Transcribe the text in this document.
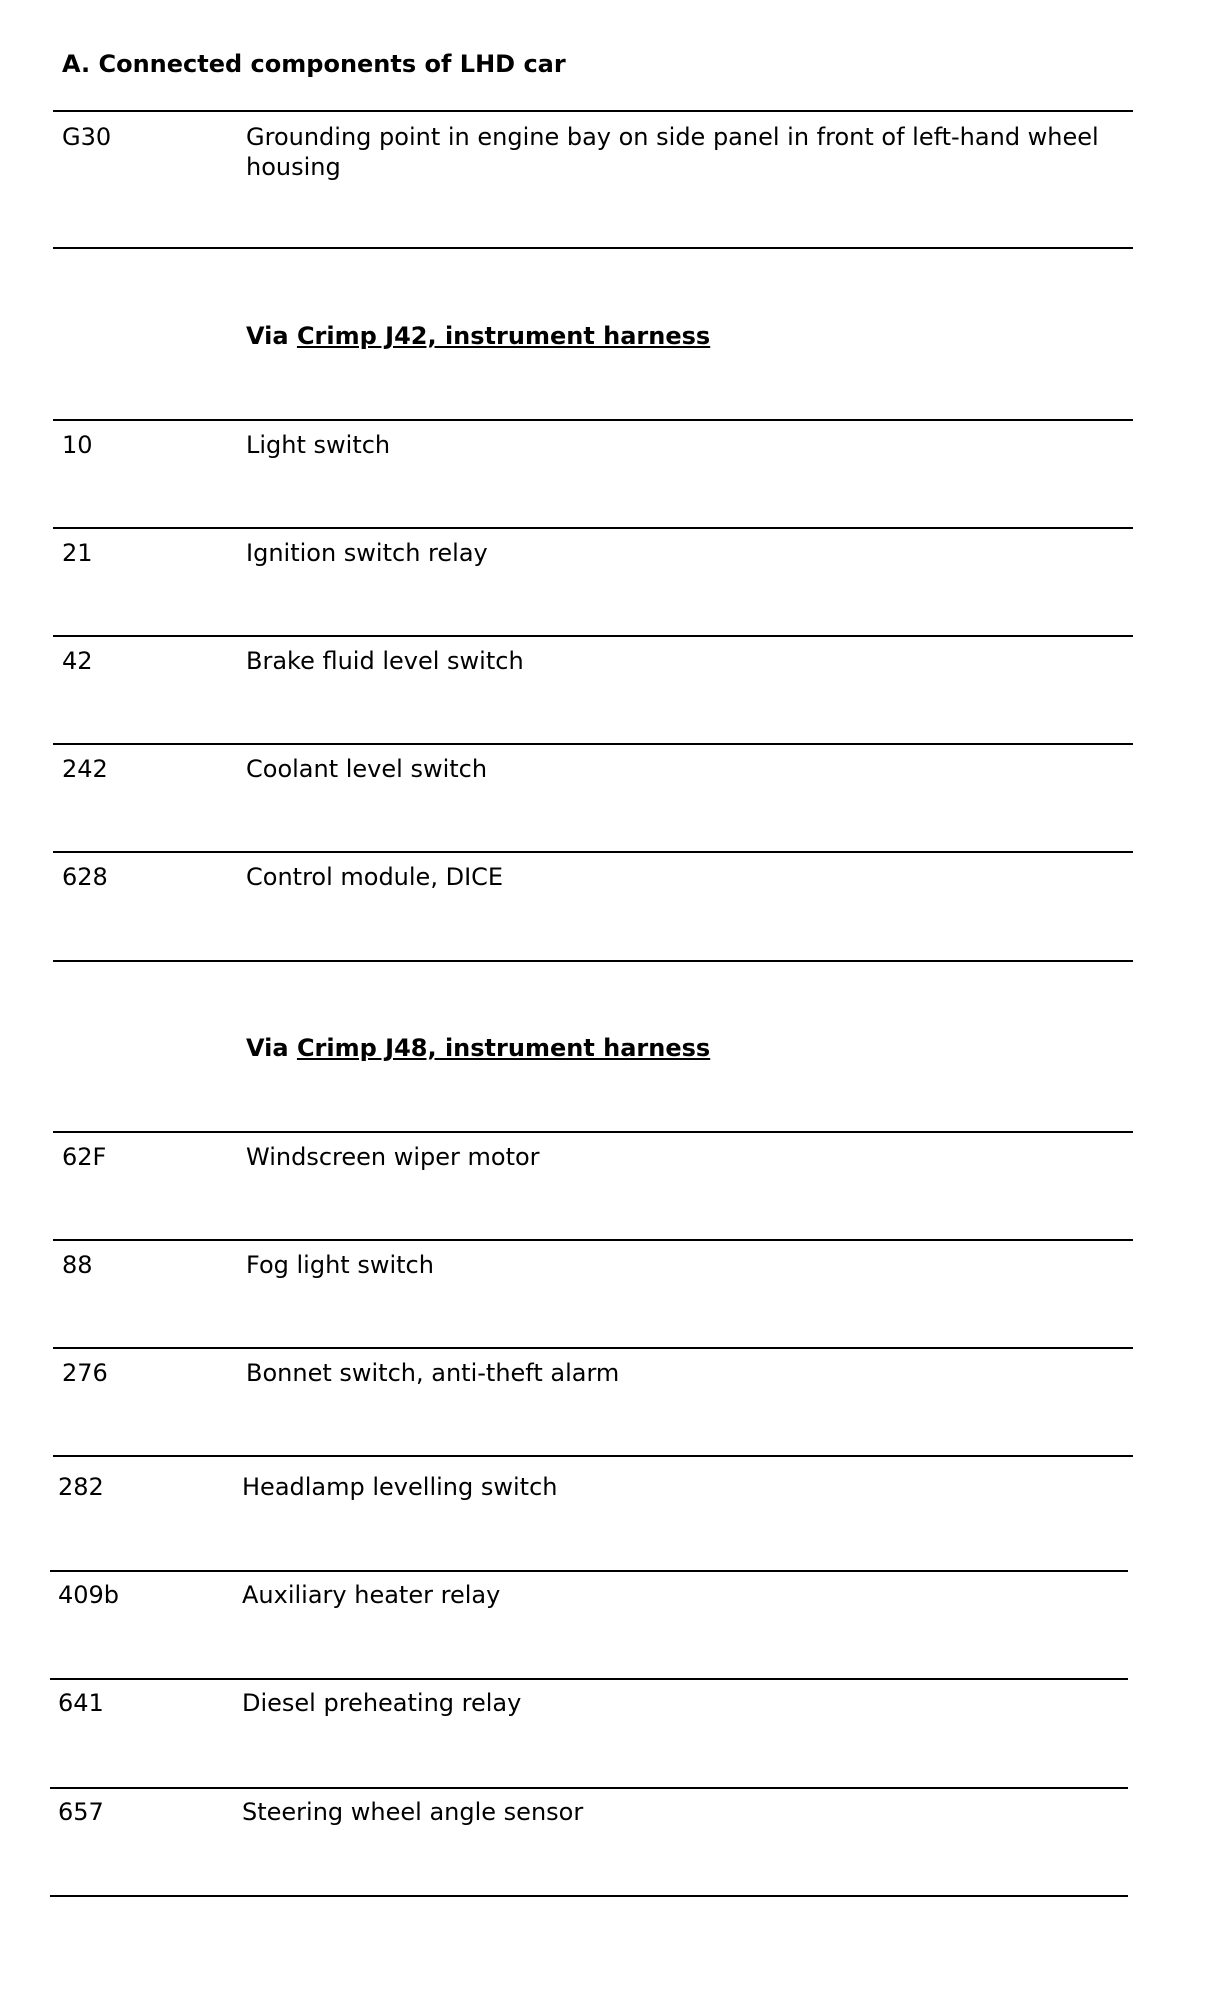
A. Connected components of LHD car
G30	Grounding point in engine bay on side panel in front of left-hand wheel housing
Via Crimp J42, instrument harness
10	Light switch
21	Ignition switch relay
42	Brake fluid level switch
242	Coolant level switch
628	Control module, DICE
Via Crimp J48, instrument harness
62F	Windscreen wiper motor
88	Fog light switch
276	Bonnet switch, anti-theft alarm
282	Headlamp levelling switch
409b	Auxiliary heater relay
641	Diesel preheating relay
657	Steering wheel angle sensor
